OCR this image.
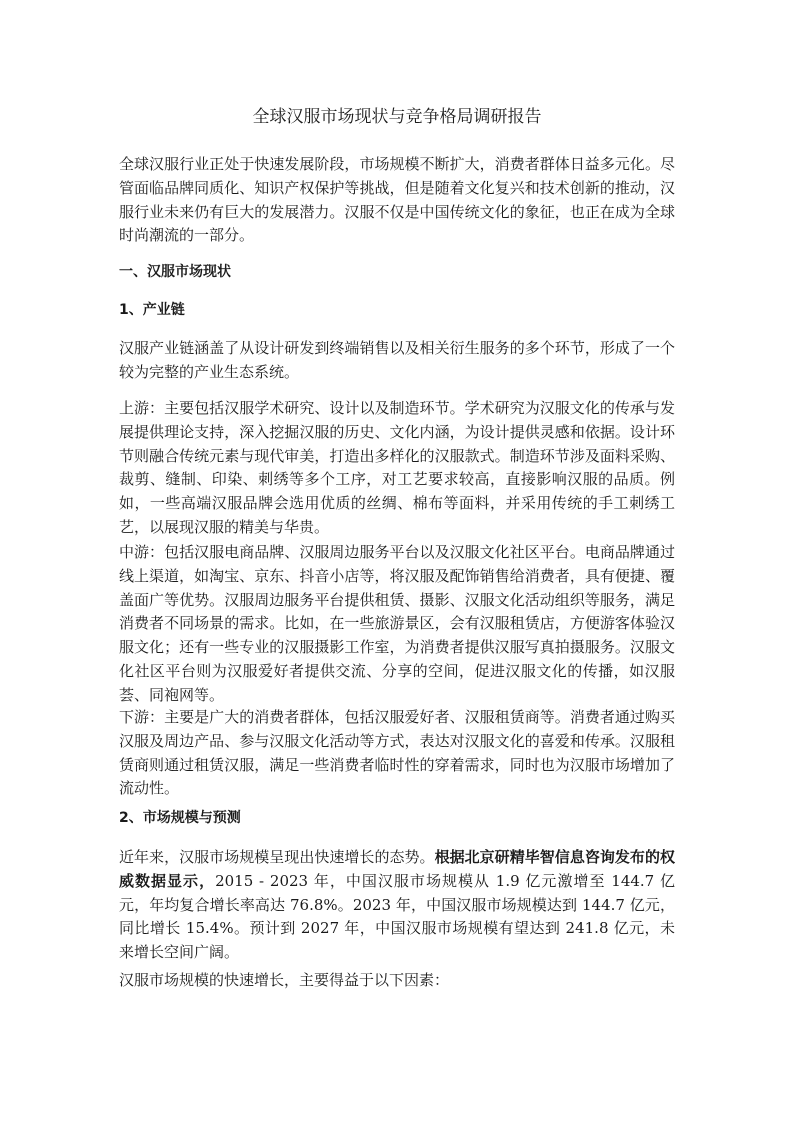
全球汉服市场现状与竞争格局调研报告

全球汉服行业正处于快速发展阶段，市场规模不断扩大，消费者群体日益多元化。尽管面临品牌同质化、知识产权保护等挑战，但是随着文化复兴和技术创新的推动，汉服行业未来仍有巨大的发展潜力。汉服不仅是中国传统文化的象征，也正在成为全球时尚潮流的一部分。

一、汉服市场现状

1、产业链

汉服产业链涵盖了从设计研发到终端销售以及相关衍生服务的多个环节，形成了一个较为完整的产业生态系统。

上游：主要包括汉服学术研究、设计以及制造环节。学术研究为汉服文化的传承与发展提供理论支持，深入挖掘汉服的历史、文化内涵，为设计提供灵感和依据。设计环节则融合传统元素与现代审美，打造出多样化的汉服款式。制造环节涉及面料采购、裁剪、缝制、印染、刺绣等多个工序，对工艺要求较高，直接影响汉服的品质。例如，一些高端汉服品牌会选用优质的丝绸、棉布等面料，并采用传统的手工刺绣工艺，以展现汉服的精美与华贵。

中游：包括汉服电商品牌、汉服周边服务平台以及汉服文化社区平台。电商品牌通过线上渠道，如淘宝、京东、抖音小店等，将汉服及配饰销售给消费者，具有便捷、覆盖面广等优势。汉服周边服务平台提供租赁、摄影、汉服文化活动组织等服务，满足消费者不同场景的需求。比如，在一些旅游景区，会有汉服租赁店，方便游客体验汉服文化；还有一些专业的汉服摄影工作室，为消费者提供汉服写真拍摄服务。汉服文化社区平台则为汉服爱好者提供交流、分享的空间，促进汉服文化的传播，如汉服荟、同袍网等。

下游：主要是广大的消费者群体，包括汉服爱好者、汉服租赁商等。消费者通过购买汉服及周边产品、参与汉服文化活动等方式，表达对汉服文化的喜爱和传承。汉服租赁商则通过租赁汉服，满足一些消费者临时性的穿着需求，同时也为汉服市场增加了流动性。

2、市场规模与预测

近年来，汉服市场规模呈现出快速增长的态势。根据北京研精毕智信息咨询发布的权威数据显示，2015 - 2023 年，中国汉服市场规模从 1.9 亿元激增至 144.7 亿元，年均复合增长率高达 76.8%。2023 年，中国汉服市场规模达到 144.7 亿元，同比增长 15.4%。预计到 2027 年，中国汉服市场规模有望达到 241.8 亿元，未来增长空间广阔。

汉服市场规模的快速增长，主要得益于以下因素：
